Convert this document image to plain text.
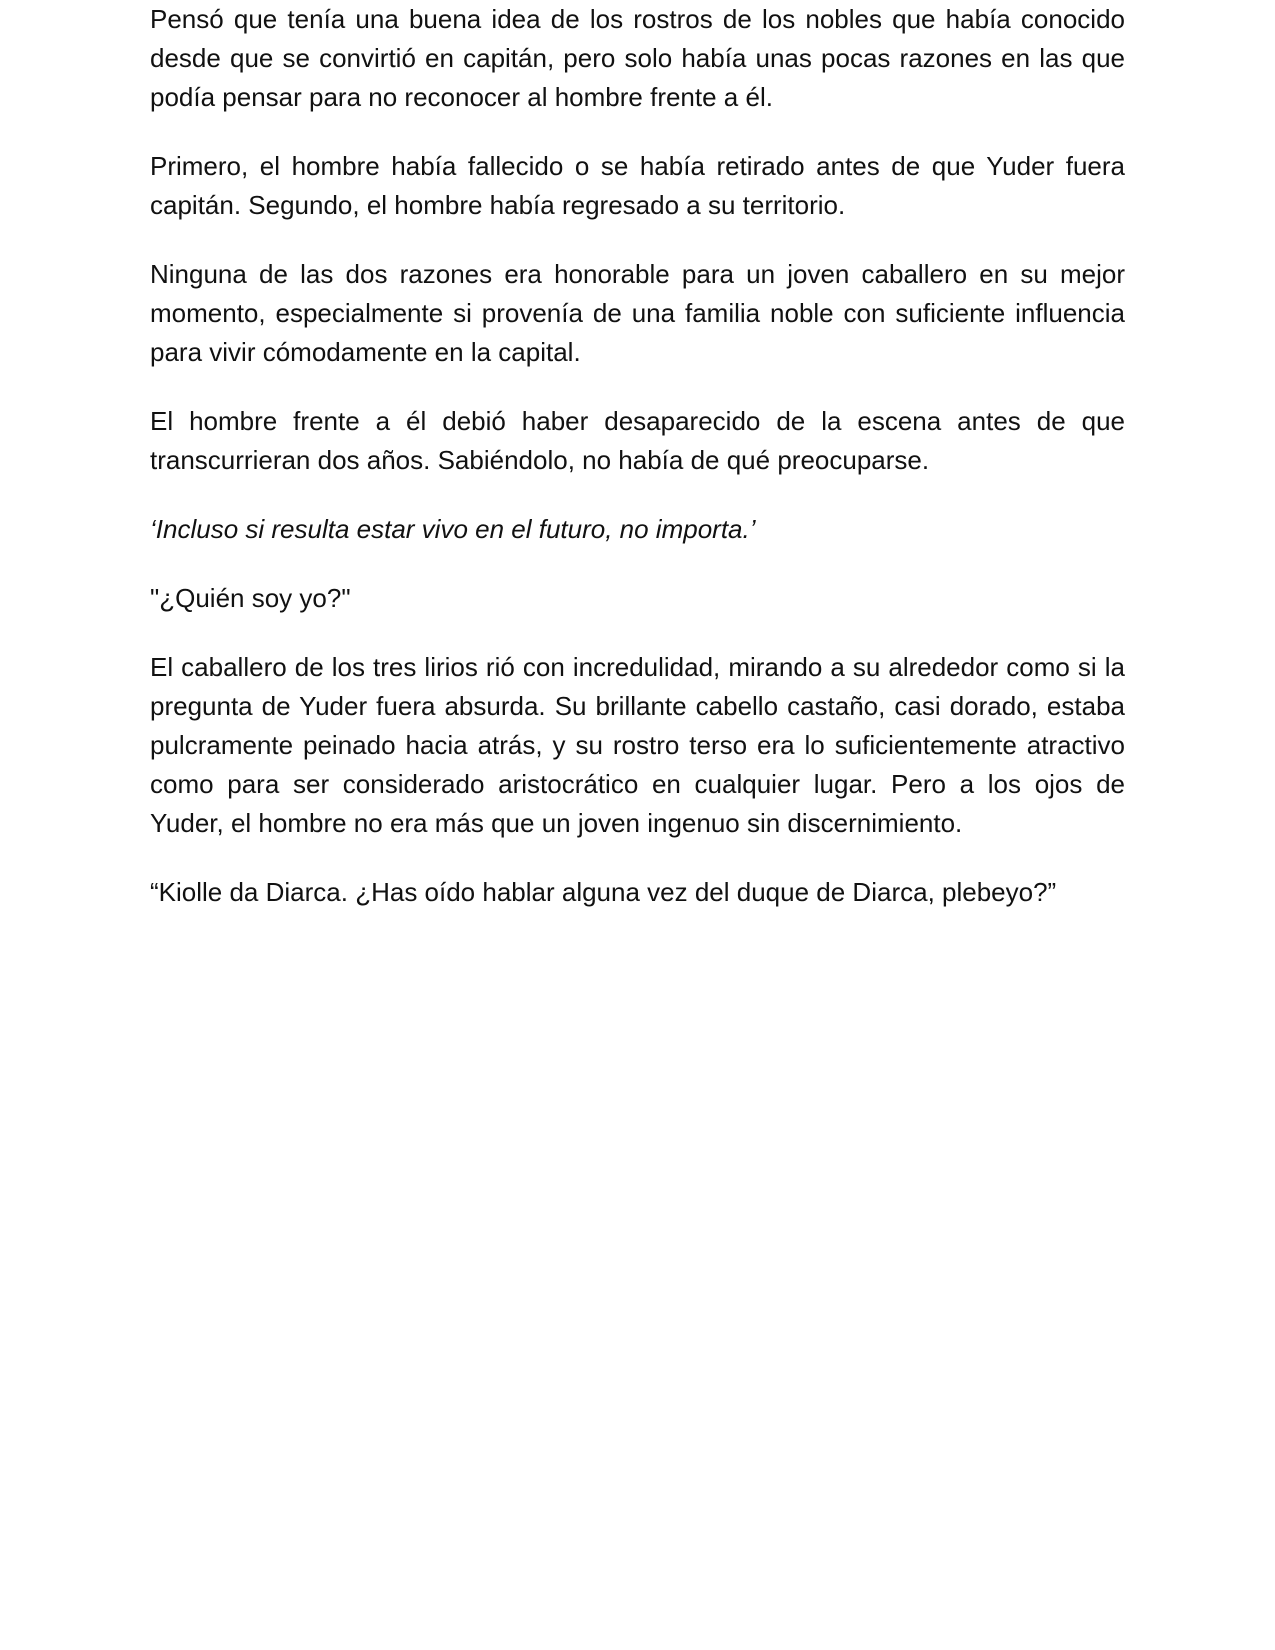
Pensó que tenía una buena idea de los rostros de los nobles que había conocido desde que se convirtió en capitán, pero solo había unas pocas razones en las que podía pensar para no reconocer al hombre frente a él.

Primero, el hombre había fallecido o se había retirado antes de que Yuder fuera capitán. Segundo, el hombre había regresado a su territorio.

Ninguna de las dos razones era honorable para un joven caballero en su mejor momento, especialmente si provenía de una familia noble con suficiente influencia para vivir cómodamente en la capital.

El hombre frente a él debió haber desaparecido de la escena antes de que transcurrieran dos años. Sabiéndolo, no había de qué preocuparse.

‘Incluso si resulta estar vivo en el futuro, no importa.’

"¿Quién soy yo?"

El caballero de los tres lirios rió con incredulidad, mirando a su alrededor como si la pregunta de Yuder fuera absurda. Su brillante cabello castaño, casi dorado, estaba pulcramente peinado hacia atrás, y su rostro terso era lo suficientemente atractivo como para ser considerado aristocrático en cualquier lugar. Pero a los ojos de Yuder, el hombre no era más que un joven ingenuo sin discernimiento.

“Kiolle da Diarca. ¿Has oído hablar alguna vez del duque de Diarca, plebeyo?”
